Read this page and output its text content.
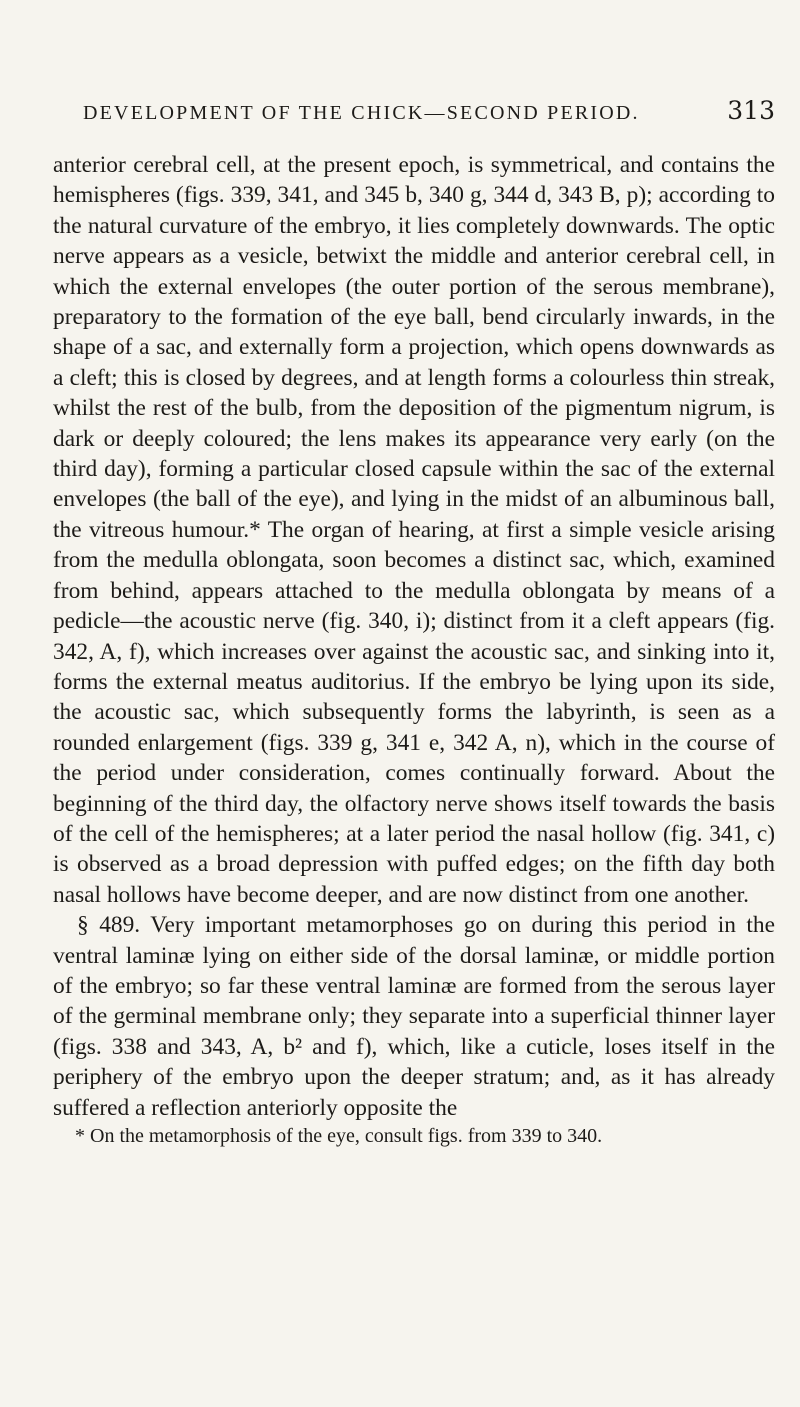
DEVELOPMENT OF THE CHICK—SECOND PERIOD.	313

anterior cerebral cell, at the present epoch, is symmetrical, and contains the hemispheres (figs. 339, 341, and 345 b, 340 g, 344 d, 343 B, p); according to the natural curvature of the embryo, it lies completely downwards. The optic nerve appears as a vesicle, betwixt the middle and anterior cerebral cell, in which the external envelopes (the outer portion of the serous membrane), preparatory to the formation of the eye ball, bend circularly inwards, in the shape of a sac, and externally form a projection, which opens downwards as a cleft; this is closed by degrees, and at length forms a colourless thin streak, whilst the rest of the bulb, from the deposition of the pigmentum nigrum, is dark or deeply coloured; the lens makes its appearance very early (on the third day), forming a particular closed capsule within the sac of the external envelopes (the ball of the eye), and lying in the midst of an albuminous ball, the vitreous humour.* The organ of hearing, at first a simple vesicle arising from the medulla oblongata, soon becomes a distinct sac, which, examined from behind, appears attached to the medulla oblongata by means of a pedicle—the acoustic nerve (fig. 340, i); distinct from it a cleft appears (fig. 342, A, f), which increases over against the acoustic sac, and sinking into it, forms the external meatus auditorius. If the embryo be lying upon its side, the acoustic sac, which subsequently forms the labyrinth, is seen as a rounded enlargement (figs. 339 g, 341 e, 342 A, n), which in the course of the period under consideration, comes continually forward. About the beginning of the third day, the olfactory nerve shows itself towards the basis of the cell of the hemispheres; at a later period the nasal hollow (fig. 341, c) is observed as a broad depression with puffed edges; on the fifth day both nasal hollows have become deeper, and are now distinct from one another.

§ 489. Very important metamorphoses go on during this period in the ventral laminæ lying on either side of the dorsal laminæ, or middle portion of the embryo; so far these ventral laminæ are formed from the serous layer of the germinal membrane only; they separate into a superficial thinner layer (figs. 338 and 343, A, b² and f), which, like a cuticle, loses itself in the periphery of the embryo upon the deeper stratum; and, as it has already suffered a reflection anteriorly opposite the

* On the metamorphosis of the eye, consult figs. from 339 to 340.
